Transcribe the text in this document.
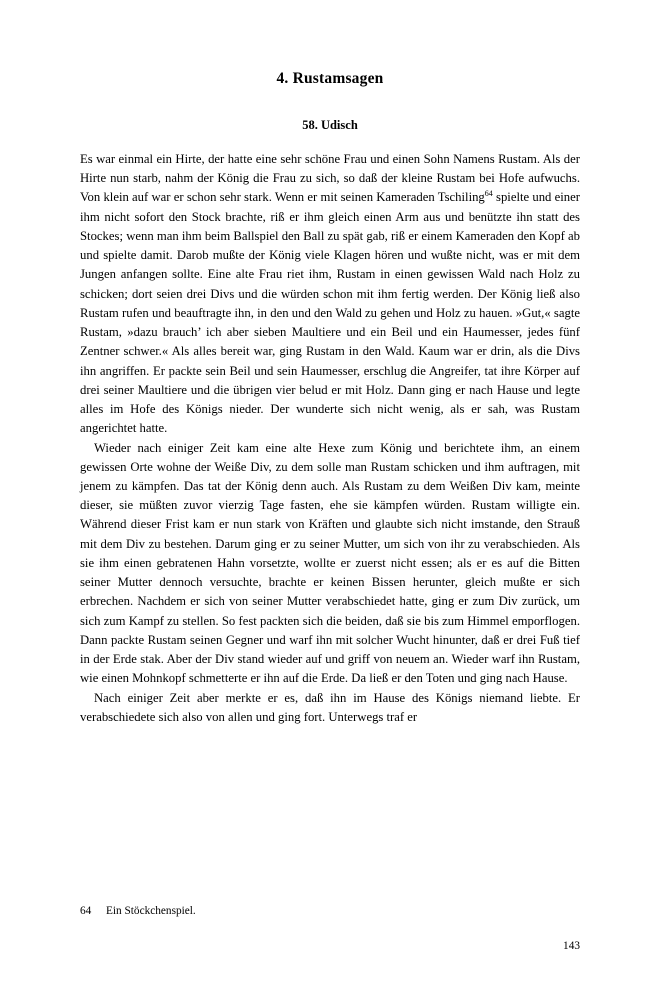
4. Rustamsagen
58. Udisch

Es war einmal ein Hirte, der hatte eine sehr schöne Frau und einen Sohn Namens Rustam. Als der Hirte nun starb, nahm der König die Frau zu sich, so daß der kleine Rustam bei Hofe aufwuchs. Von klein auf war er schon sehr stark. Wenn er mit seinen Kameraden Tschiling$^{64}$ spielte und einer ihm nicht sofort den Stock brachte, riß er ihm gleich einen Arm aus und benützte ihn statt des Stockes; wenn man ihm beim Ballspiel den Ball zu spät gab, riß er einem Kameraden den Kopf ab und spielte damit. Darob mußte der König viele Klagen hören und wußte nicht, was er mit dem Jungen anfangen sollte. Eine alte Frau riet ihm, Rustam in einen gewissen Wald nach Holz zu schicken; dort seien drei Divs und die würden schon mit ihm fertig werden. Der König ließ also Rustam rufen und beauftragte ihn, in den und den Wald zu gehen und Holz zu hauen. »Gut,« sagte Rustam, »dazu brauch’ ich aber sieben Maultiere und ein Beil und ein Haumesser, jedes fünf Zentner schwer.« Als alles bereit war, ging Rustam in den Wald. Kaum war er drin, als die Divs ihn angriffen. Er packte sein Beil und sein Haumesser, erschlug die Angreifer, tat ihre Körper auf drei seiner Maultiere und die übrigen vier belud er mit Holz. Dann ging er nach Hause und legte alles im Hofe des Königs nieder. Der wunderte sich nicht wenig, als er sah, was Rustam angerichtet hatte.

Wieder nach einiger Zeit kam eine alte Hexe zum König und berichtete ihm, an einem gewissen Orte wohne der Weiße Div, zu dem solle man Rustam schicken und ihm auftragen, mit jenem zu kämpfen. Das tat der König denn auch. Als Rustam zu dem Weißen Div kam, meinte dieser, sie müßten zuvor vierzig Tage fasten, ehe sie kämpfen würden. Rustam willigte ein. Während dieser Frist kam er nun stark von Kräften und glaubte sich nicht imstande, den Strauß mit dem Div zu bestehen. Darum ging er zu seiner Mutter, um sich von ihr zu verabschieden. Als sie ihm einen gebratenen Hahn vorsetzte, wollte er zuerst nicht essen; als er es auf die Bitten seiner Mutter dennoch versuchte, brachte er keinen Bissen herunter, gleich mußte er sich erbrechen. Nachdem er sich von seiner Mutter verabschiedet hatte, ging er zum Div zurück, um sich zum Kampf zu stellen. So fest packten sich die beiden, daß sie bis zum Himmel emporflogen. Dann packte Rustam seinen Gegner und warf ihn mit solcher Wucht hinunter, daß er drei Fuß tief in der Erde stak. Aber der Div stand wieder auf und griff von neuem an. Wieder warf ihn Rustam, wie einen Mohnkopf schmetterte er ihn auf die Erde. Da ließ er den Toten und ging nach Hause.

Nach einiger Zeit aber merkte er es, daß ihn im Hause des Königs niemand liebte. Er verabschiedete sich also von allen und ging fort. Unterwegs traf er

64 Ein Stöckchenspiel.
143
